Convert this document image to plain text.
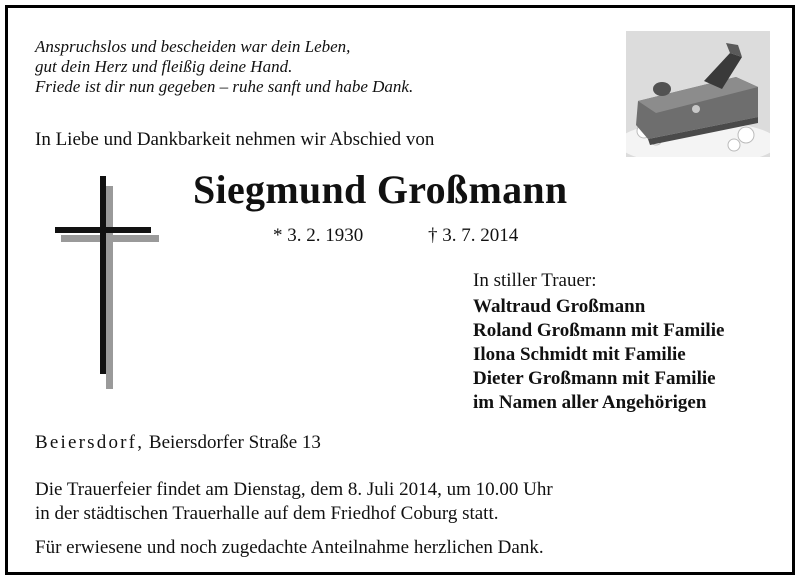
Anspruchslos und bescheiden war dein Leben,
gut dein Herz und fleißig deine Hand.
Friede ist dir nun gegeben – ruhe sanft und habe Dank.
In Liebe und Dankbarkeit nehmen wir Abschied von
Siegmund Großmann
* 3. 2. 1930	† 3. 7. 2014
In stiller Trauer:
Waltraud Großmann
Roland Großmann mit Familie
Ilona Schmidt mit Familie
Dieter Großmann mit Familie
im Namen aller Angehörigen
Beiersdorf, Beiersdorfer Straße 13
Die Trauerfeier findet am Dienstag, dem 8. Juli 2014, um 10.00 Uhr
in der städtischen Trauerhalle auf dem Friedhof Coburg statt.
Für erwiesene und noch zugedachte Anteilnahme herzlichen Dank.
